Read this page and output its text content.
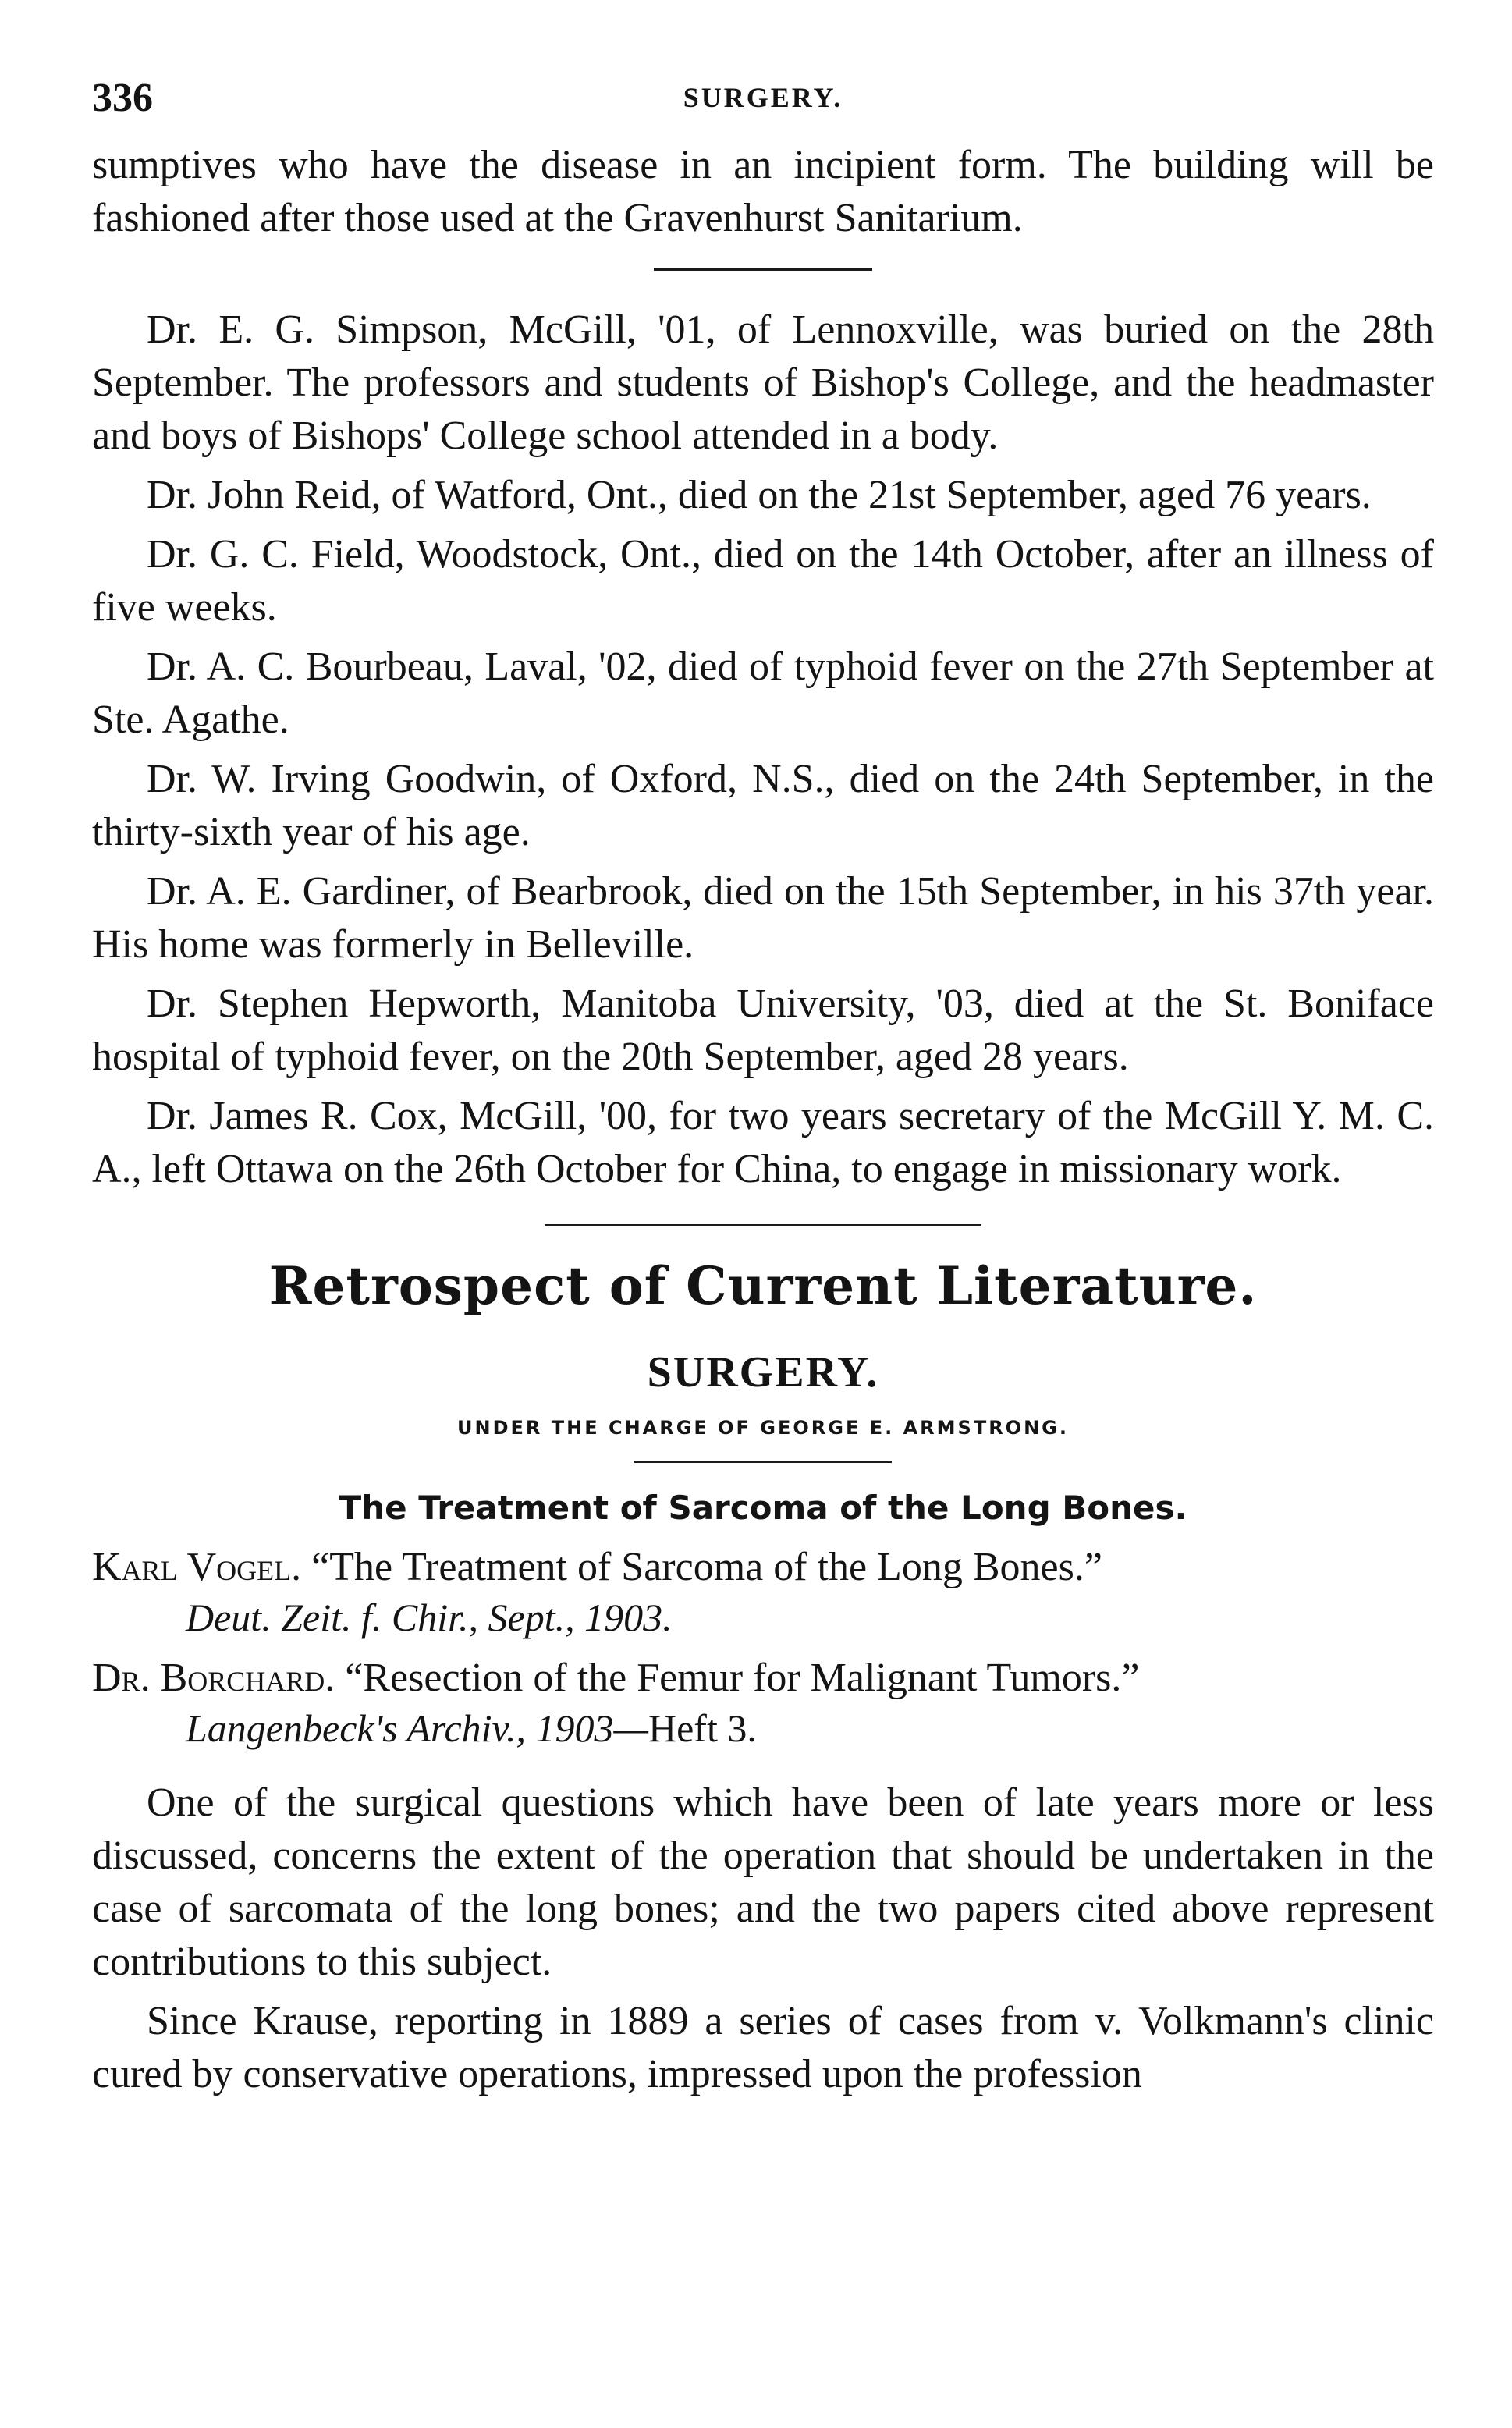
336	SURGERY.

sumptives who have the disease in an incipient form. The building will be fashioned after those used at the Gravenhurst Sanitarium.

Dr. E. G. Simpson, McGill, '01, of Lennoxville, was buried on the 28th September. The professors and students of Bishop's College, and the headmaster and boys of Bishops' College school attended in a body.

Dr. John Reid, of Watford, Ont., died on the 21st September, aged 76 years.

Dr. G. C. Field, Woodstock, Ont., died on the 14th October, after an illness of five weeks.

Dr. A. C. Bourbeau, Laval, '02, died of typhoid fever on the 27th September at Ste. Agathe.

Dr. W. Irving Goodwin, of Oxford, N.S., died on the 24th September, in the thirty-sixth year of his age.

Dr. A. E. Gardiner, of Bearbrook, died on the 15th September, in his 37th year. His home was formerly in Belleville.

Dr. Stephen Hepworth, Manitoba University, '03, died at the St. Boniface hospital of typhoid fever, on the 20th September, aged 28 years.

Dr. James R. Cox, McGill, '00, for two years secretary of the McGill Y. M. C. A., left Ottawa on the 26th October for China, to engage in missionary work.

Retrospect of Current Literature.
SURGERY.
UNDER THE CHARGE OF GEORGE E. ARMSTRONG.
The Treatment of Sarcoma of the Long Bones.
Karl Vogel. “The Treatment of Sarcoma of the Long Bones.”
Deut. Zeit. f. Chir., Sept., 1903.
Dr. Borchard. “Resection of the Femur for Malignant Tumors.”
Langenbeck's Archiv., 1903—Heft 3.

One of the surgical questions which have been of late years more or less discussed, concerns the extent of the operation that should be undertaken in the case of sarcomata of the long bones; and the two papers cited above represent contributions to this subject.

Since Krause, reporting in 1889 a series of cases from v. Volkmann's clinic cured by conservative operations, impressed upon the profession
